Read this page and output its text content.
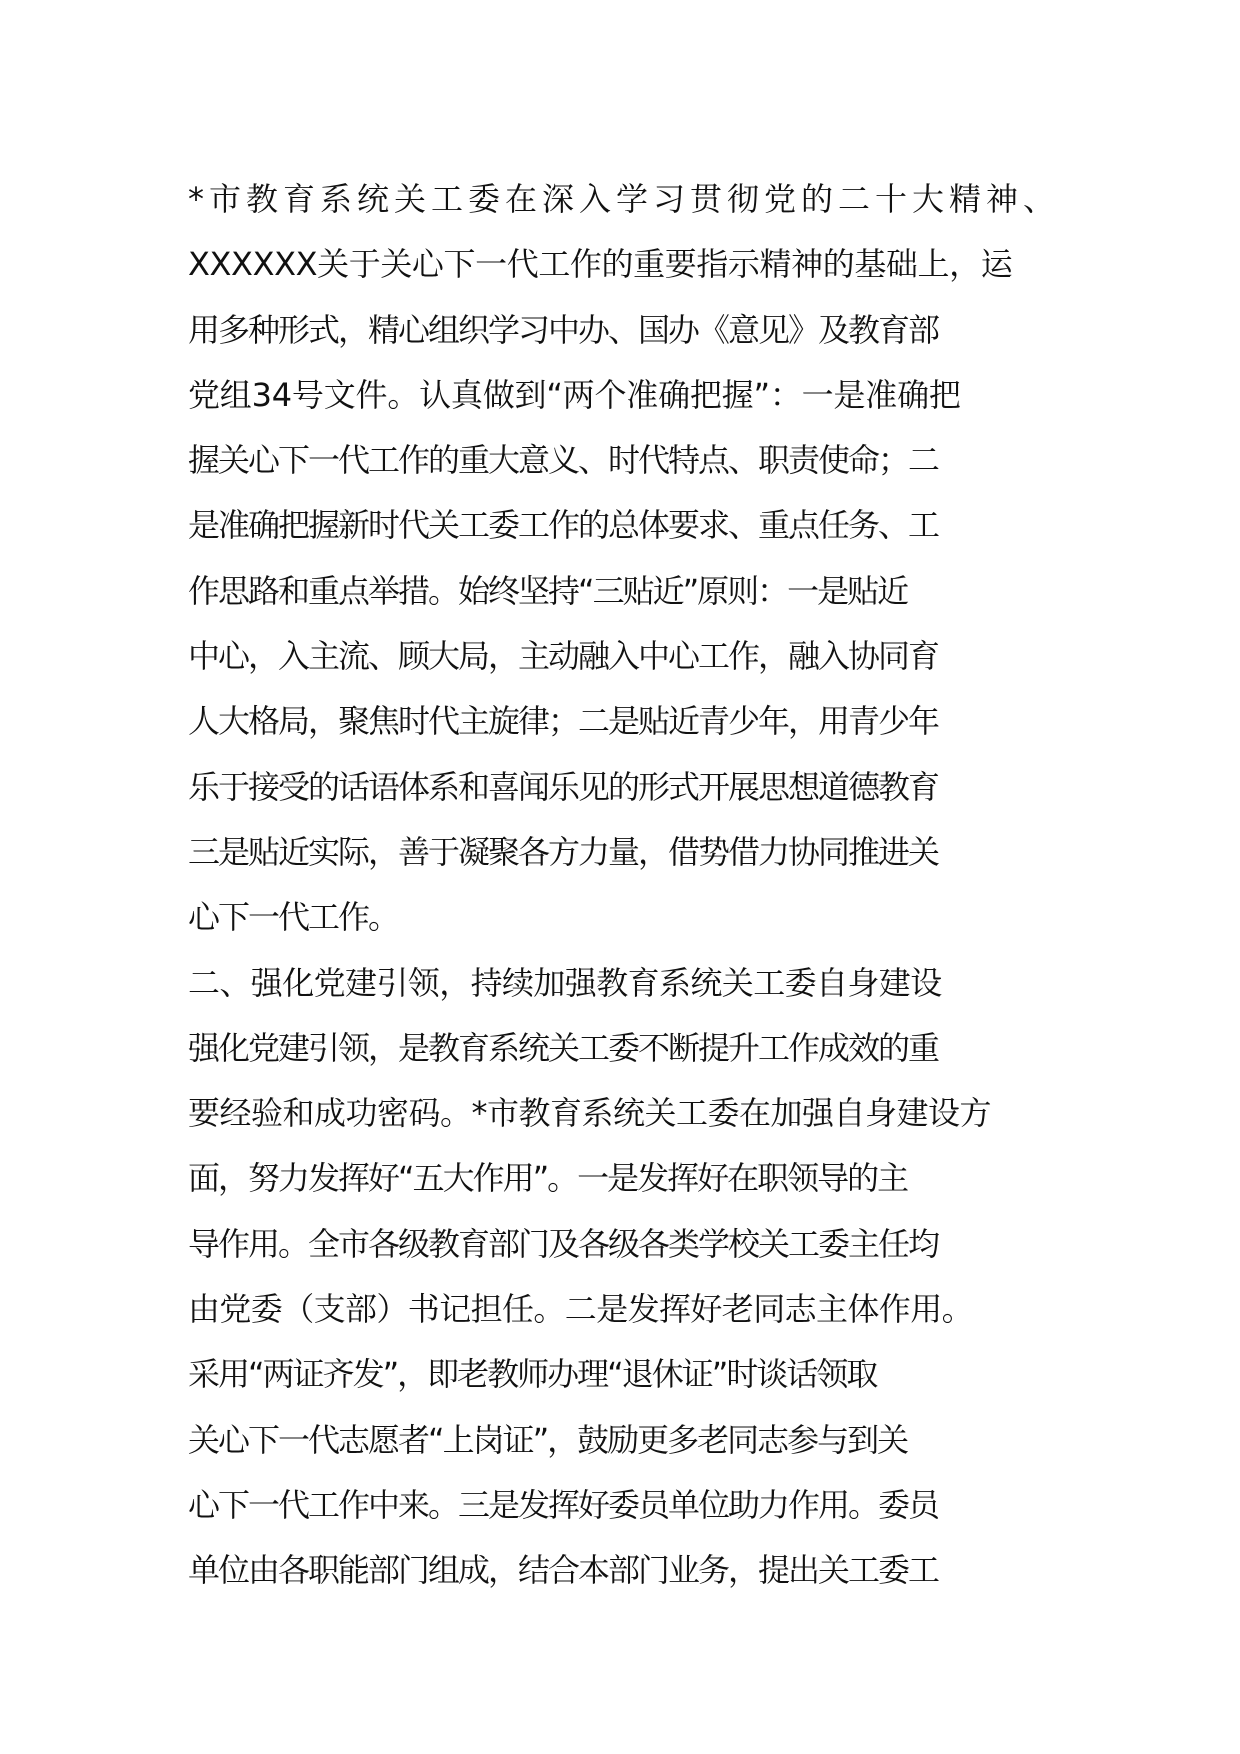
*市教育系统关工委在深入学习贯彻党的二十大精神、
XXXXXX关于关心下一代工作的重要指示精神的基础上，运
用多种形式，精心组织学习中办、国办《意见》及教育部
党组34号文件。认真做到“两个准确把握”：一是准确把
握关心下一代工作的重大意义、时代特点、职责使命；二
是准确把握新时代关工委工作的总体要求、重点任务、工
作思路和重点举措。始终坚持“三贴近”原则：一是贴近
中心，入主流、顾大局，主动融入中心工作，融入协同育
人大格局，聚焦时代主旋律；二是贴近青少年，用青少年
乐于接受的话语体系和喜闻乐见的形式开展思想道德教育
三是贴近实际，善于凝聚各方力量，借势借力协同推进关
心下一代工作。
二、强化党建引领，持续加强教育系统关工委自身建设
强化党建引领，是教育系统关工委不断提升工作成效的重
要经验和成功密码。*市教育系统关工委在加强自身建设方
面，努力发挥好“五大作用”。一是发挥好在职领导的主
导作用。全市各级教育部门及各级各类学校关工委主任均
由党委（支部）书记担任。二是发挥好老同志主体作用。
采用“两证齐发”，即老教师办理“退休证”时谈话领取
关心下一代志愿者“上岗证”，鼓励更多老同志参与到关
心下一代工作中来。三是发挥好委员单位助力作用。委员
单位由各职能部门组成，结合本部门业务，提出关工委工
